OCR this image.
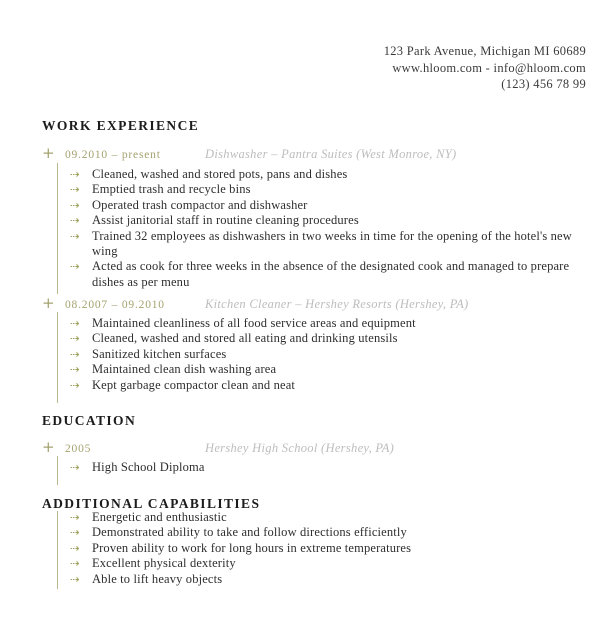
123 Park Avenue, Michigan MI 60689
www.hloom.com - info@hloom.com
(123) 456 78 99
WORK EXPERIENCE
+ 09.2010 – present	Dishwasher – Pantra Suites (West Monroe, NY)
⇢ Cleaned, washed and stored pots, pans and dishes
⇢ Emptied trash and recycle bins
⇢ Operated trash compactor and dishwasher
⇢ Assist janitorial staff in routine cleaning procedures
⇢ Trained 32 employees as dishwashers in two weeks in time for the opening of the hotel's new wing
⇢ Acted as cook for three weeks in the absence of the designated cook and managed to prepare dishes as per menu
+ 08.2007 – 09.2010	Kitchen Cleaner – Hershey Resorts (Hershey, PA)
⇢ Maintained cleanliness of all food service areas and equipment
⇢ Cleaned, washed and stored all eating and drinking utensils
⇢ Sanitized kitchen surfaces
⇢ Maintained clean dish washing area
⇢ Kept garbage compactor clean and neat
EDUCATION
+ 2005	Hershey High School (Hershey, PA)
⇢ High School Diploma
ADDITIONAL CAPABILITIES
⇢ Energetic and enthusiastic
⇢ Demonstrated ability to take and follow directions efficiently
⇢ Proven ability to work for long hours in extreme temperatures
⇢ Excellent physical dexterity
⇢ Able to lift heavy objects
